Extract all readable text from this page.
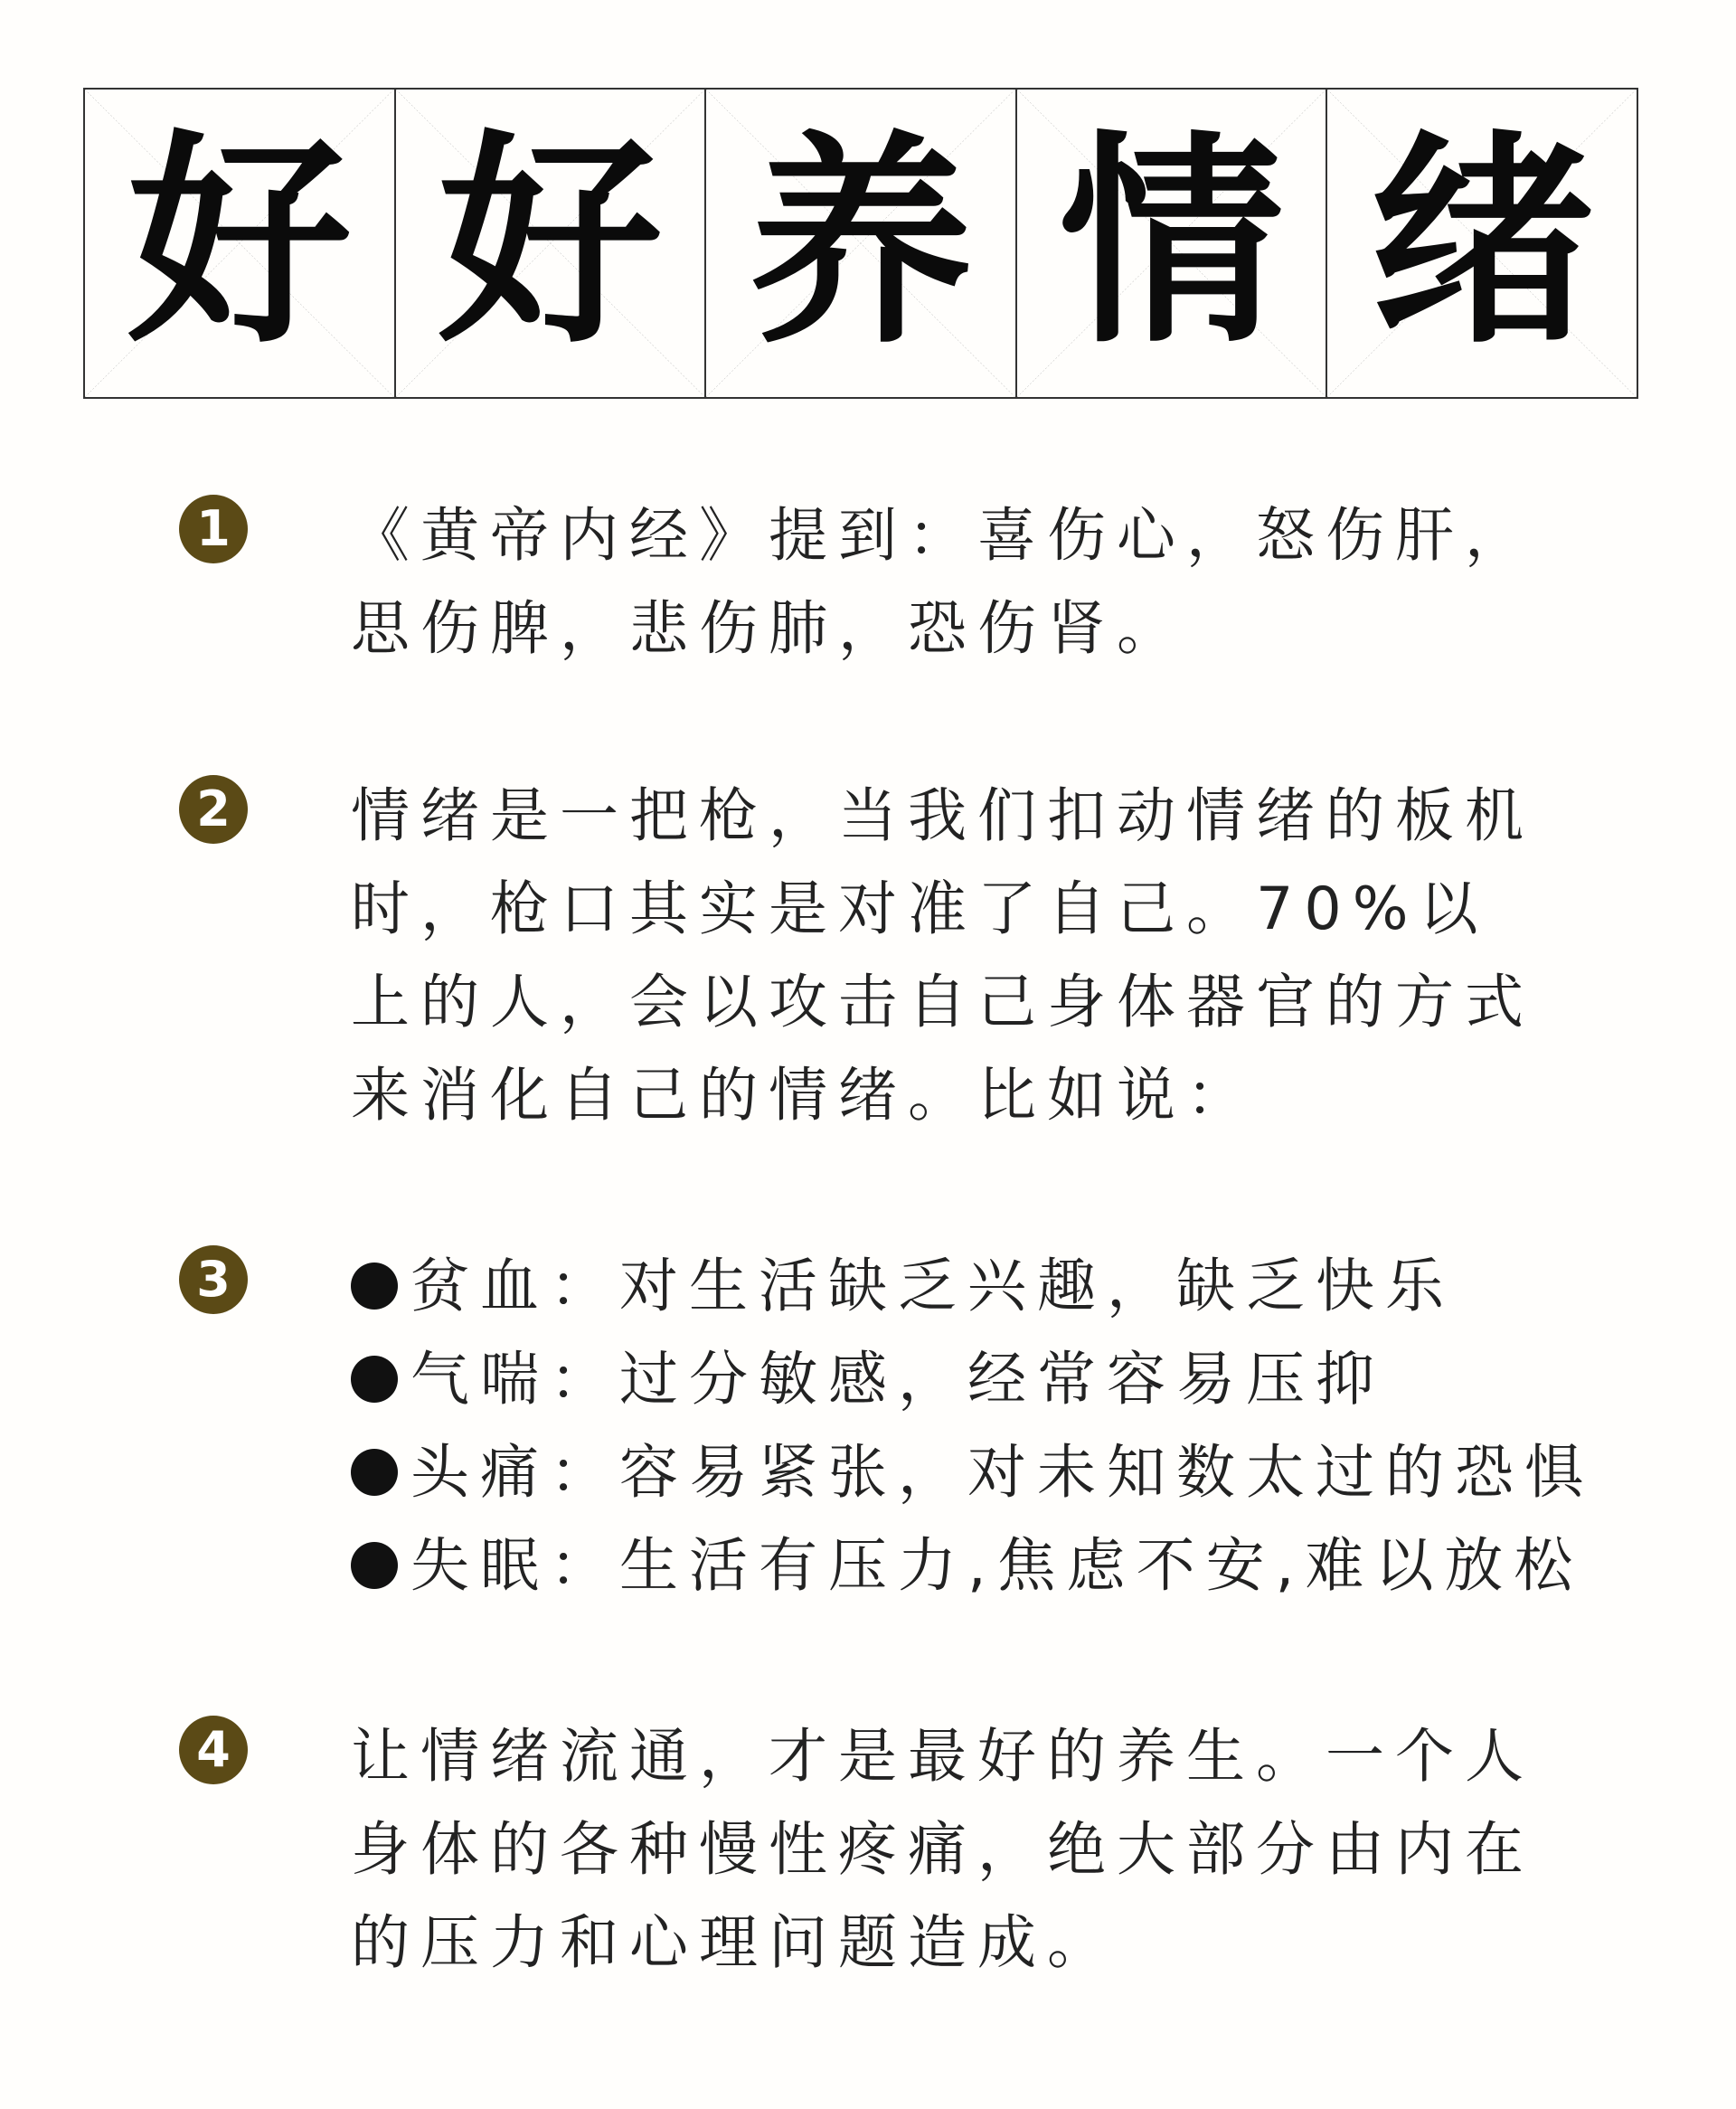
好 好 养 情 绪
1 《黄帝内经》提到：喜伤心，怒伤肝，思伤脾，悲伤肺，恐伤肾。

2 情绪是一把枪，当我们扣动情绪的板机时，枪口其实是对准了自己。70%以上的人，会以攻击自己身体器官的方式来消化自己的情绪。比如说：

3	贫血：对生活缺乏兴趣，缺乏快乐
气喘：过分敏感，经常容易压抑
头痛：容易紧张，对未知数太过的恐惧
失眠：生活有压力,焦虑不安,难以放松
4 让情绪流通，才是最好的养生。一个人身体的各种慢性疼痛，绝大部分由内在的压力和心理问题造成。
